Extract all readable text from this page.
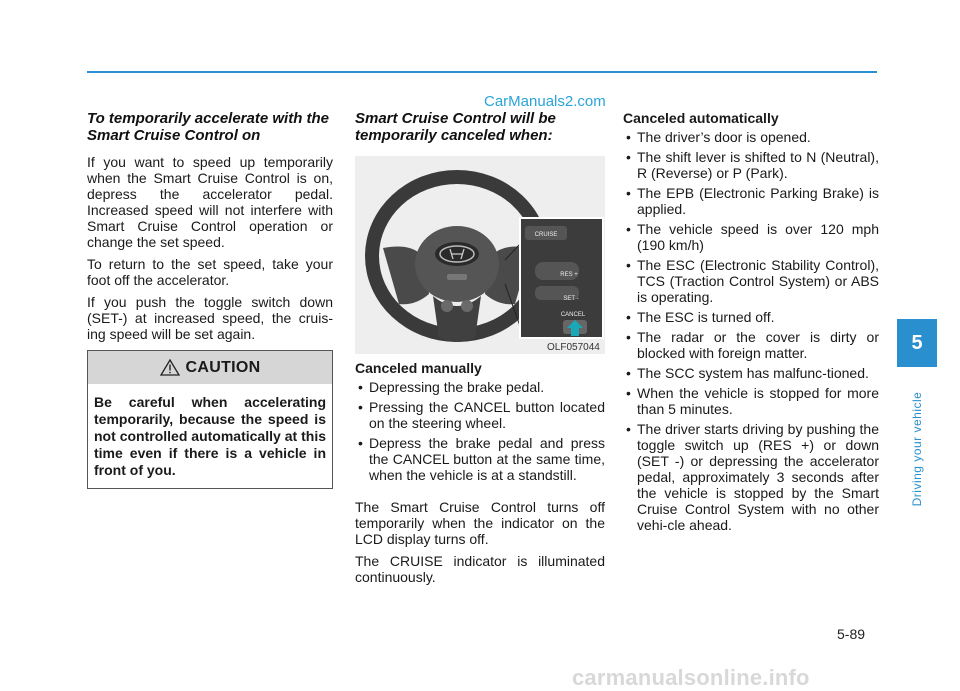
CarManuals2.com
To temporarily accelerate with the Smart Cruise Control on

If you want to speed up temporarily when the Smart Cruise Control is on, depress the accelerator pedal. Increased speed will not interfere with Smart Cruise Control operation or change the set speed.

To return to the set speed, take your foot off the accelerator.

If you push the toggle switch down (SET-) at increased speed, the cruis-ing speed will be set again.

CAUTION
Be careful when accelerating temporarily, because the speed is not controlled automatically at this time even if there is a vehicle in front of you.
Smart Cruise Control will be temporarily canceled when:
CRUISE
RES +
SET -
CANCEL
OLF057044
Canceled manually
• Depressing the brake pedal.
• Pressing the CANCEL button located on the steering wheel.
• Depress the brake pedal and press the CANCEL button at the same time, when the vehicle is at a standstill.

The Smart Cruise Control turns off temporarily when the indicator on the LCD display turns off.

The CRUISE indicator is illuminated continuously.

Canceled automatically
• The driver’s door is opened.
• The shift lever is shifted to N (Neutral), R (Reverse) or P (Park).
• The EPB (Electronic Parking Brake) is applied.
• The vehicle speed is over 120 mph (190 km/h)
• The ESC (Electronic Stability Control), TCS (Traction Control System) or ABS is operating.
• The ESC is turned off.
• The radar or the cover is dirty or blocked with foreign matter.
• The SCC system has malfunc-tioned.
• When the vehicle is stopped for more than 5 minutes.
• The driver starts driving by pushing the toggle switch up (RES +) or down (SET -) or depressing the accelerator pedal, approximately 3 seconds after the vehicle is stopped by the Smart Cruise Control System with no other vehi-cle ahead.
5
Driving your vehicle
5-89
carmanualsonline.info
